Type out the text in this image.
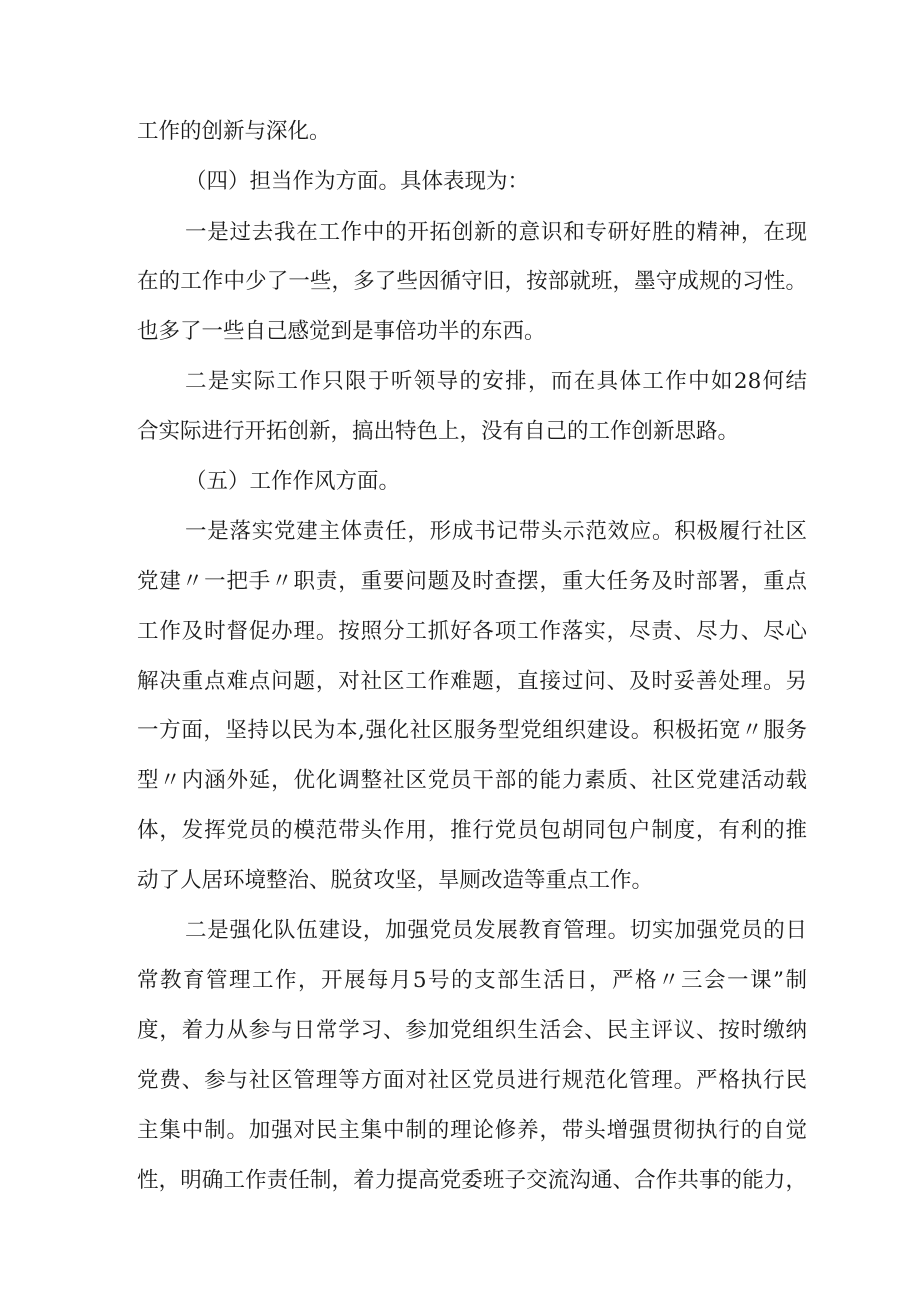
工作的创新与深化。
（四）担当作为方面。具体表现为：
一是过去我在工作中的开拓创新的意识和专研好胜的精神，在现
在的工作中少了一些，多了些因循守旧，按部就班，墨守成规的习性。
也多了一些自己感觉到是事倍功半的东西。
二是实际工作只限于听领导的安排，而在具体工作中如28何结
合实际进行开拓创新，搞出特色上，没有自己的工作创新思路。
（五）工作作风方面。
一是落实党建主体责任，形成书记带头示范效应。积极履行社区
党建〃一把手〃职责，重要问题及时查摆，重大任务及时部署，重点
工作及时督促办理。按照分工抓好各项工作落实，尽责、尽力、尽心
解决重点难点问题，对社区工作难题，直接过问、及时妥善处理。另
一方面，坚持以民为本,强化社区服务型党组织建设。积极拓宽〃服务
型〃内涵外延，优化调整社区党员干部的能力素质、社区党建活动载
体，发挥党员的模范带头作用，推行党员包胡同包户制度，有利的推
动了人居环境整治、脱贫攻坚，旱厕改造等重点工作。
二是强化队伍建设，加强党员发展教育管理。切实加强党员的日
常教育管理工作，开展每月5号的支部生活日，严格〃三会一课”制
度，着力从参与日常学习、参加党组织生活会、民主评议、按时缴纳
党费、参与社区管理等方面对社区党员进行规范化管理。严格执行民
主集中制。加强对民主集中制的理论修养，带头增强贯彻执行的自觉
性，明确工作责任制，着力提高党委班子交流沟通、合作共事的能力，
